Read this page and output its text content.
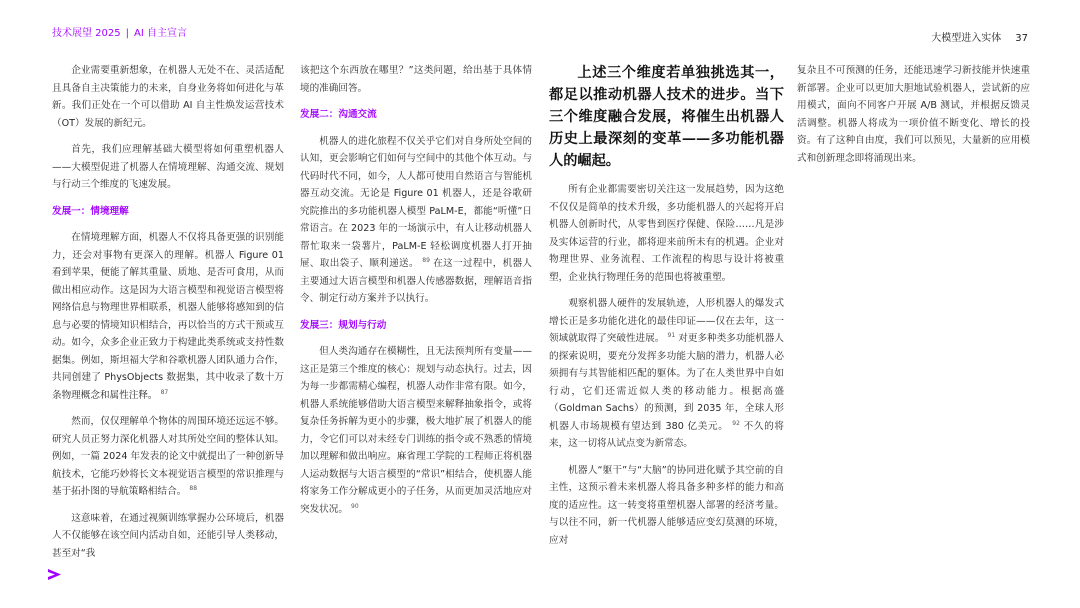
技术展望 2025 | AI 自主宣言	大模型进入实体 37

企业需要重新想象，在机器人无处不在、灵活适配且具备自主决策能力的未来，自身业务将如何进化与革新。我们正处在一个可以借助 AI 自主性焕发运营技术（OT）发展的新纪元。

首先，我们应理解基础大模型将如何重塑机器人——大模型促进了机器人在情境理解、沟通交流、规划与行动三个维度的飞速发展。

发展一：情境理解

在情境理解方面，机器人不仅将具备更强的识别能力，还会对事物有更深入的理解。机器人 Figure 01 看到苹果，便能了解其重量、质地、是否可食用，从而做出相应动作。这是因为大语言模型和视觉语言模型将网络信息与物理世界相联系，机器人能够将感知到的信息与必要的情境知识相结合，再以恰当的方式干预或互动。如今，众多企业正致力于构建此类系统或支持性数据集。例如，斯坦福大学和谷歌机器人团队通力合作，共同创建了 PhysObjects 数据集，其中收录了数十万条物理概念和属性注释。 $^{87}$

然而，仅仅理解单个物体的周围环境还远远不够。研究人员正努力深化机器人对其所处空间的整体认知。例如，一篇 2024 年发表的论文中就提出了一种创新导航技术，它能巧妙将长文本视觉语言模型的常识推理与基于拓扑图的导航策略相结合。 $^{88}$

这意味着，在通过视频训练掌握办公环境后，机器人不仅能够在该空间内活动自如，还能引导人类移动，甚至对“我

该把这个东西放在哪里？”这类问题，给出基于具体情境的准确回答。

发展二：沟通交流

机器人的进化旅程不仅关乎它们对自身所处空间的认知，更会影响它们如何与空间中的其他个体互动。与代码时代不同，如今，人人都可使用自然语言与智能机器互动交流。无论是 Figure 01 机器人，还是谷歌研究院推出的多功能机器人模型 PaLM-E，都能“听懂”日常语言。在 2023 年的一场演示中，有人让移动机器人帮忙取来一袋薯片，PaLM-E 轻松调度机器人打开抽屉、取出袋子、顺利递送。 $^{89}$ 在这一过程中，机器人主要通过大语言模型和机器人传感器数据，理解语音指令、制定行动方案并予以执行。

发展三：规划与行动

但人类沟通存在模糊性，且无法预判所有变量——这正是第三个维度的核心：规划与动态执行。过去，因为每一步都需精心编程，机器人动作非常有限。如今，机器人系统能够借助大语言模型来解释抽象指令，或将复杂任务拆解为更小的步骤，极大地扩展了机器人的能力，令它们可以对未经专门训练的指令或不熟悉的情境加以理解和做出响应。麻省理工学院的工程师正将机器人运动数据与大语言模型的“常识”相结合，使机器人能将家务工作分解成更小的子任务，从而更加灵活地应对突发状况。 $^{90}$

上述三个维度若单独挑选其一，都足以推动机器人技术的进步。当下三个维度融合发展，将催生出机器人历史上最深刻的变革——多功能机器人的崛起。

所有企业都需要密切关注这一发展趋势，因为这绝不仅仅是简单的技术升级，多功能机器人的兴起将开启机器人创新时代，从零售到医疗保健、保险……凡是涉及实体运营的行业，都将迎来前所未有的机遇。企业对物理世界、业务流程、工作流程的构思与设计将被重塑，企业执行物理任务的范围也将被重塑。

观察机器人硬件的发展轨迹，人形机器人的爆发式增长正是多功能化进化的最佳印证——仅在去年，这一领域就取得了突破性进展。 $^{91}$ 对更多种类多功能机器人的探索说明，要充分发挥多功能大脑的潜力，机器人必须拥有与其智能相匹配的躯体。为了在人类世界中自如行动，它们还需近似人类的移动能力。根据高盛（Goldman Sachs）的预测，到 2035 年，全球人形机器人市场规模有望达到 380 亿美元。 $^{92}$ 不久的将来，这一切将从试点变为新常态。

机器人“躯干”与“大脑”的协同进化赋予其空前的自主性，这预示着未来机器人将具备多种多样的能力和高度的适应性。这一转变将重塑机器人部署的经济考量。与以往不同，新一代机器人能够适应变幻莫测的环境，应对

复杂且不可预测的任务，还能迅速学习新技能并快速重新部署。企业可以更加大胆地试验机器人，尝试新的应用模式，面向不同客户开展 A/B 测试，并根据反馈灵活调整。机器人将成为一项价值不断变化、增长的投资。有了这种自由度，我们可以预见，大量新的应用模式和创新理念即将涌现出来。
